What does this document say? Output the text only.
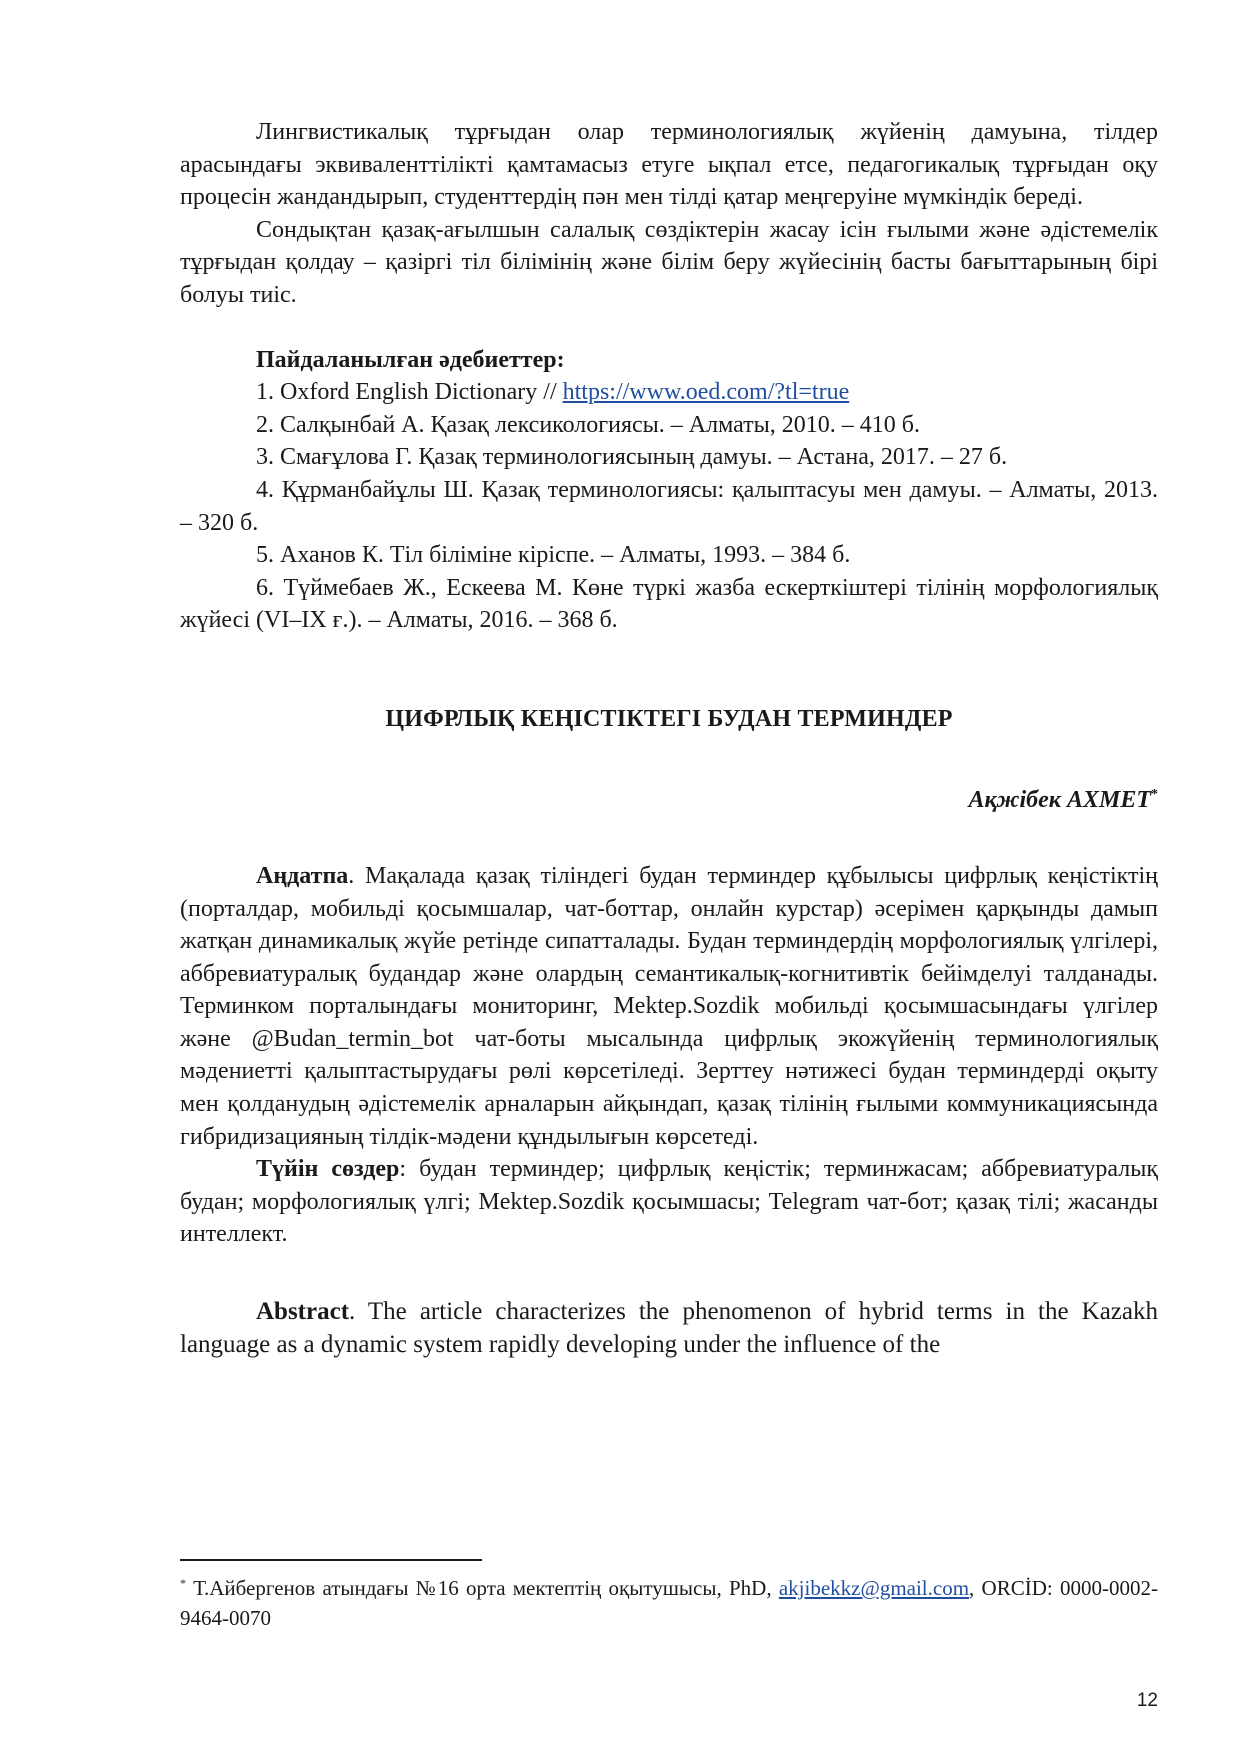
Лингвистикалық тұрғыдан олар терминологиялық жүйенің дамуына, тілдер арасындағы эквиваленттілікті қамтамасыз етуге ықпал етсе, педагогикалық тұрғыдан оқу процесін жандандырып, студенттердің пән мен тілді қатар меңгеруіне мүмкіндік береді.

Сондықтан қазақ-ағылшын салалық сөздіктерін жасау ісін ғылыми және әдістемелік тұрғыдан қолдау – қазіргі тіл білімінің және білім беру жүйесінің басты бағыттарының бірі болуы тиіс.

Пайдаланылған әдебиеттер:

1. Oxford English Dictionary // https://www.oed.com/?tl=true

2. Салқынбай А. Қазақ лексикологиясы. – Алматы, 2010. – 410 б.

3. Смағұлова Г. Қазақ терминологиясының дамуы. – Астана, 2017. – 27 б.

4. Құрманбайұлы Ш. Қазақ терминологиясы: қалыптасуы мен дамуы. – Алматы, 2013. – 320 б.

5. Аханов К. Тіл біліміне кіріспе. – Алматы, 1993. – 384 б.

6. Түймебаев Ж., Ескеева М. Көне түркі жазба ескерткіштері тілінің морфологиялық жүйесі (VI–IX ғ.). – Алматы, 2016. – 368 б.

ЦИФРЛЫҚ КЕҢІСТІКТЕГІ БУДАН ТЕРМИНДЕР

Ақжібек АХМЕТ*

Аңдатпа. Мақалада қазақ тіліндегі будан терминдер құбылысы цифрлық кеңістіктің (порталдар, мобильді қосымшалар, чат-боттар, онлайн курстар) әсерімен қарқынды дамып жатқан динамикалық жүйе ретінде сипатталады. Будан терминдердің морфологиялық үлгілері, аббревиатуралық будандар және олардың семантикалық-когнитивтік бейімделуі талданады. Терминком порталындағы мониторинг, Mektep.Sozdik мобильді қосымшасындағы үлгілер және @Budan_termin_bot чат-боты мысалында цифрлық экожүйенің терминологиялық мәдениетті қалыптастырудағы рөлі көрсетіледі. Зерттеу нәтижесі будан терминдерді оқыту мен қолданудың әдістемелік арналарын айқындап, қазақ тілінің ғылыми коммуникациясында гибридизацияның тілдік-мәдени құндылығын көрсетеді.

Түйін сөздер: будан терминдер; цифрлық кеңістік; терминжасам; аббревиатуралық будан; морфологиялық үлгі; Mektep.Sozdik қосымшасы; Telegram чат-бот; қазақ тілі; жасанды интеллект.

Abstract. The article characterizes the phenomenon of hybrid terms in the Kazakh language as a dynamic system rapidly developing under the influence of the

* Т.Айбергенов атындағы №16 орта мектептің оқытушысы, PhD, akjibekkz@gmail.com, ORCİD: 0000-0002-9464-0070

12
